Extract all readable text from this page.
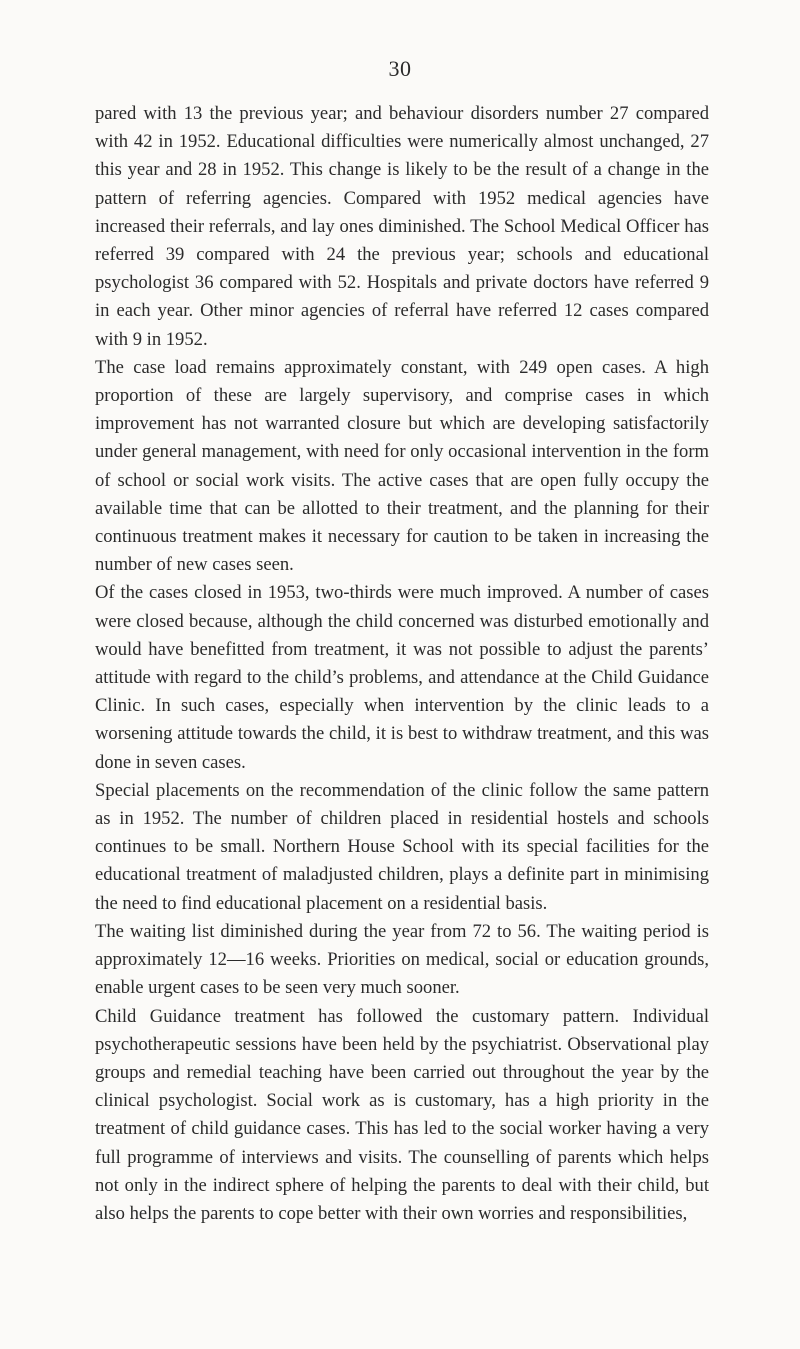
30

pared with 13 the previous year; and behaviour disorders number 27 compared with 42 in 1952. Educational difficulties were numerically almost unchanged, 27 this year and 28 in 1952. This change is likely to be the result of a change in the pattern of referring agencies. Compared with 1952 medical agencies have increased their referrals, and lay ones diminished. The School Medical Officer has referred 39 compared with 24 the previous year; schools and educational psychologist 36 compared with 52. Hospitals and private doctors have referred 9 in each year. Other minor agencies of referral have referred 12 cases compared with 9 in 1952.

The case load remains approximately constant, with 249 open cases. A high proportion of these are largely supervisory, and comprise cases in which improvement has not warranted closure but which are developing satisfactorily under general management, with need for only occasional intervention in the form of school or social work visits. The active cases that are open fully occupy the available time that can be allotted to their treatment, and the planning for their continuous treatment makes it necessary for caution to be taken in increasing the number of new cases seen.

Of the cases closed in 1953, two-thirds were much improved. A number of cases were closed because, although the child concerned was disturbed emotionally and would have benefitted from treatment, it was not possible to adjust the parents’ attitude with regard to the child’s problems, and attendance at the Child Guidance Clinic. In such cases, especially when intervention by the clinic leads to a worsening attitude towards the child, it is best to withdraw treatment, and this was done in seven cases.

Special placements on the recommendation of the clinic follow the same pattern as in 1952. The number of children placed in residential hostels and schools continues to be small. Northern House School with its special facilities for the educational treatment of maladjusted children, plays a definite part in minimising the need to find educational placement on a residential basis.

The waiting list diminished during the year from 72 to 56. The waiting period is approximately 12—16 weeks. Priorities on medical, social or education grounds, enable urgent cases to be seen very much sooner.

Child Guidance treatment has followed the customary pattern. Individual psychotherapeutic sessions have been held by the psychiatrist. Observational play groups and remedial teaching have been carried out throughout the year by the clinical psychologist. Social work as is customary, has a high priority in the treatment of child guidance cases. This has led to the social worker having a very full programme of interviews and visits. The counselling of parents which helps not only in the indirect sphere of helping the parents to deal with their child, but also helps the parents to cope better with their own worries and responsibilities,
